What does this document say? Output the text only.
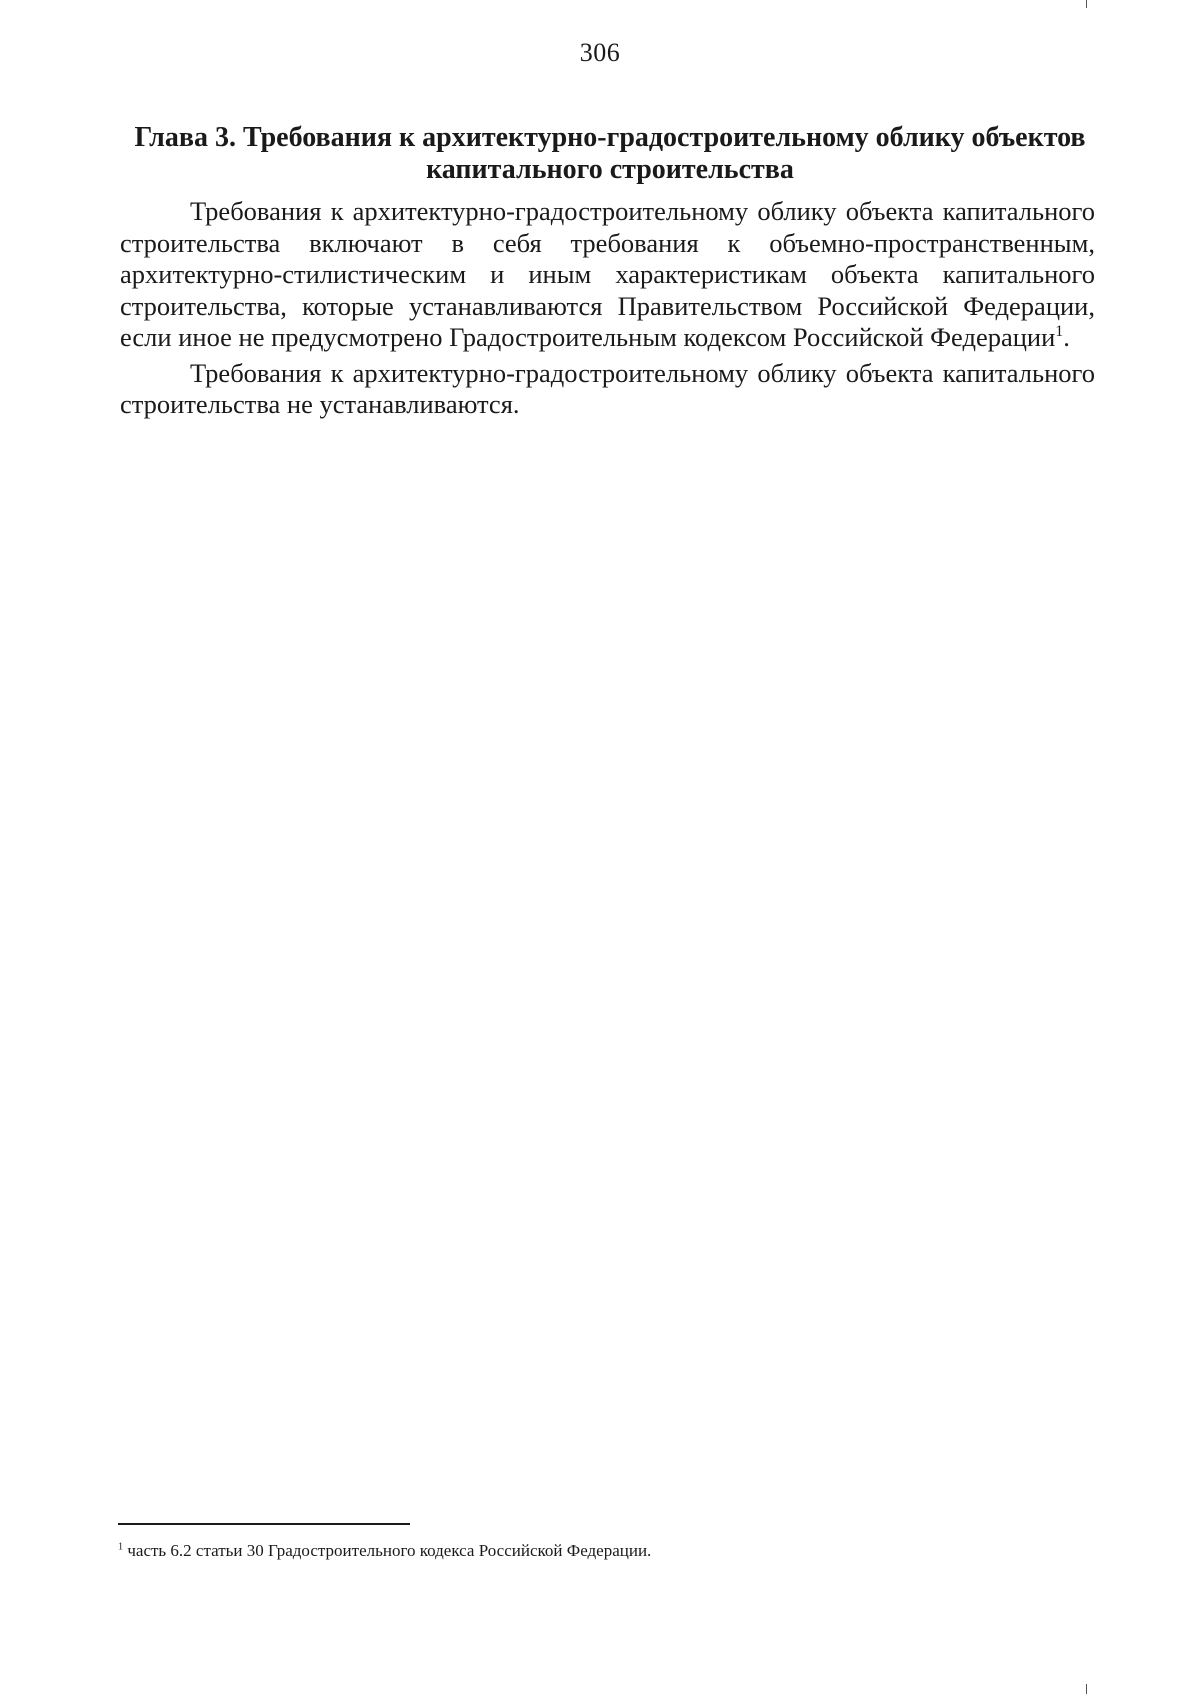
306
Глава 3. Требования к архитектурно-градостроительному облику объектов капитального строительства

Требования к архитектурно-градостроительному облику объекта капитального строительства включают в себя требования к объемно-пространственным, архитектурно-стилистическим и иным характеристикам объекта капитального строительства, которые устанавливаются Правительством Российской Федерации, если иное не предусмотрено Градостроительным кодексом Российской Федерации$^1$.

Требования к архитектурно-градостроительному облику объекта капитального строительства не устанавливаются.

$^1$ часть 6.2 статьи 30 Градостроительного кодекса Российской Федерации.
